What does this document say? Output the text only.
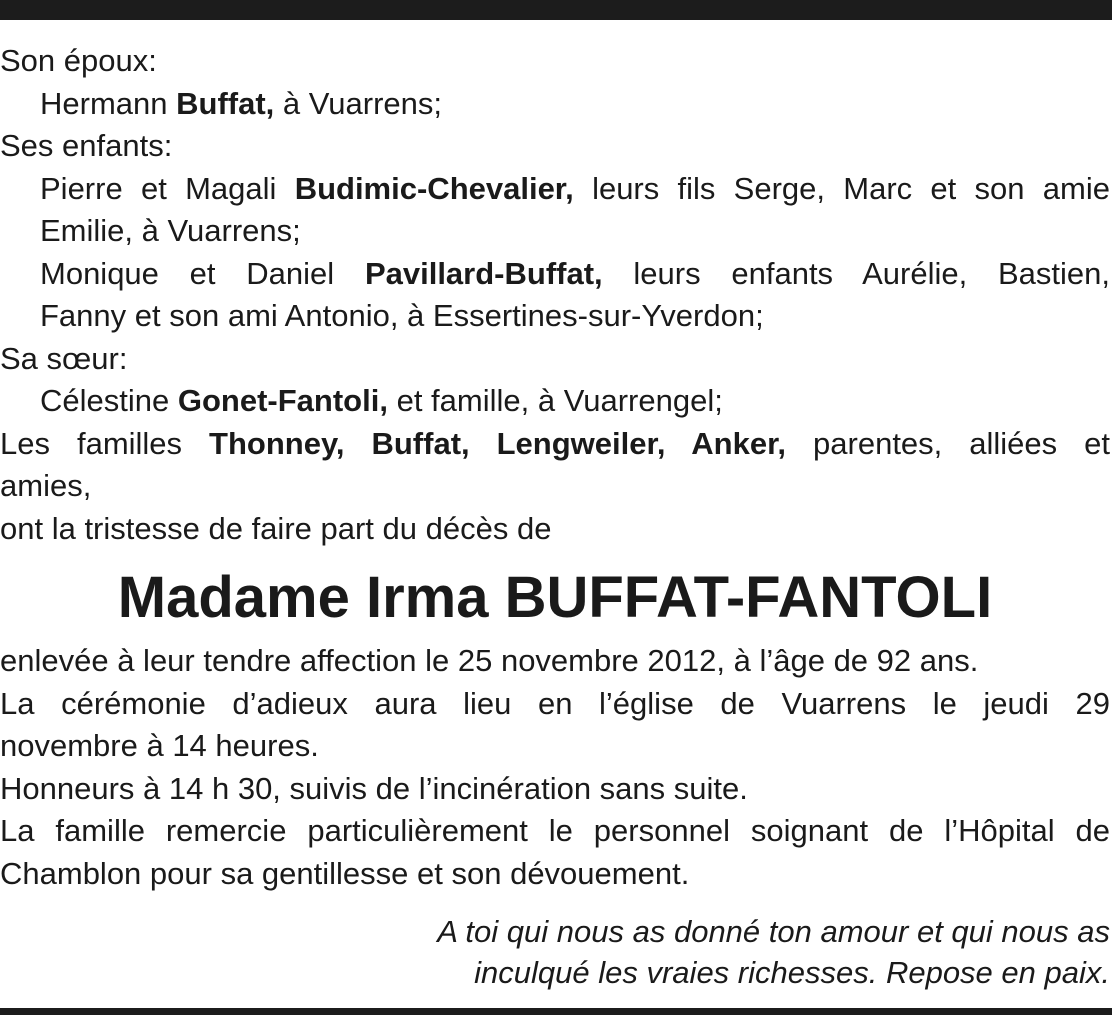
Son époux:
Hermann Buffat, à Vuarrens;
Ses enfants:
Pierre et Magali Budimic-Chevalier, leurs fils Serge, Marc et son amie
Emilie, à Vuarrens;
Monique et Daniel Pavillard-Buffat, leurs enfants Aurélie, Bastien,
Fanny et son ami Antonio, à Essertines-sur-Yverdon;
Sa sœur:
Célestine Gonet-Fantoli, et famille, à Vuarrengel;
Les familles Thonney, Buffat, Lengweiler, Anker, parentes, alliées et
amies,
ont la tristesse de faire part du décès de
Madame Irma BUFFAT-FANTOLI
enlevée à leur tendre affection le 25 novembre 2012, à l’âge de 92 ans.
La cérémonie d’adieux aura lieu en l’église de Vuarrens le jeudi 29
novembre à 14 heures.
Honneurs à 14 h 30, suivis de l’incinération sans suite.
La famille remercie particulièrement le personnel soignant de l’Hôpital de
Chamblon pour sa gentillesse et son dévouement.
A toi qui nous as donné ton amour et qui nous as
inculqué les vraies richesses. Repose en paix.
